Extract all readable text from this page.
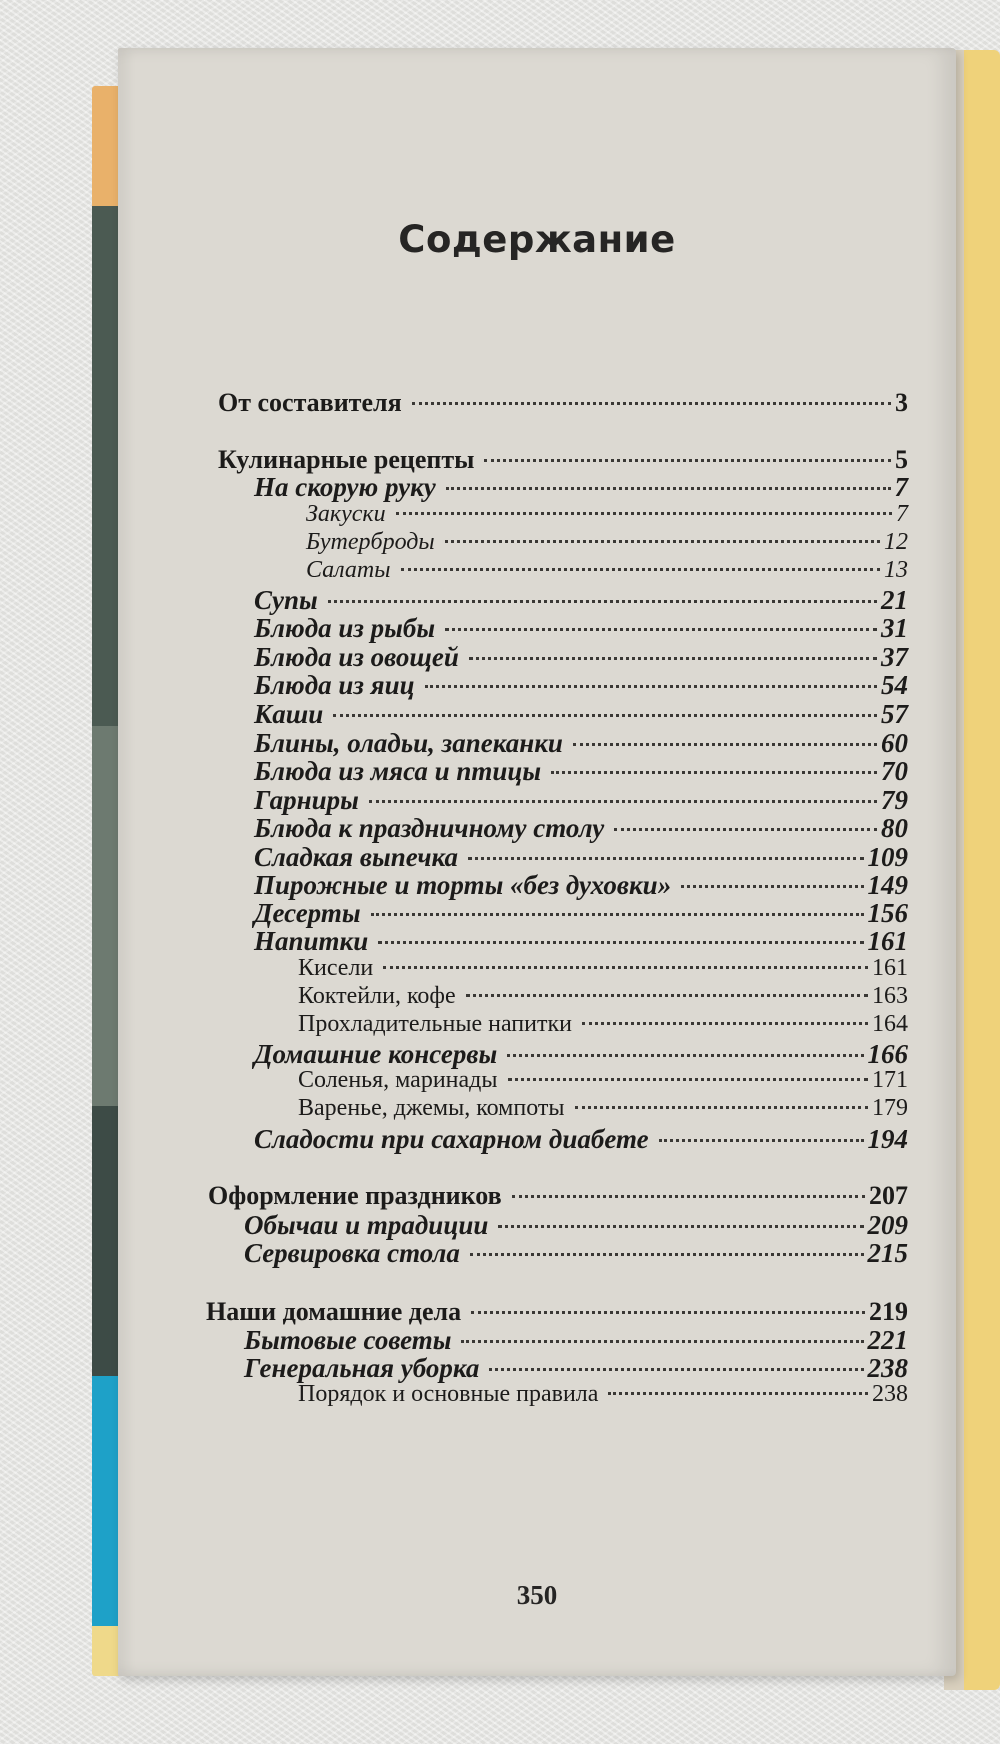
Содержание
От составителя	3
Кулинарные рецепты	5
На скорую руку	7
Закуски	7
Бутерброды	12
Салаты	13
Супы	21
Блюда из рыбы	31
Блюда из овощей	37
Блюда из яиц	54
Каши	57
Блины, оладьи, запеканки	60
Блюда из мяса и птицы	70
Гарниры	79
Блюда к праздничному столу	80
Сладкая выпечка	109
Пирожные и торты «без духовки»	149
Десерты	156
Напитки	161
Кисели	161
Коктейли, кофе	163
Прохладительные напитки	164
Домашние консервы	166
Соленья, маринады	171
Варенье, джемы, компоты	179
Сладости при сахарном диабете	194
Оформление праздников	207
Обычаи и традиции	209
Сервировка стола	215
Наши домашние дела	219
Бытовые советы	221
Генеральная уборка	238
Порядок и основные правила	238
350
